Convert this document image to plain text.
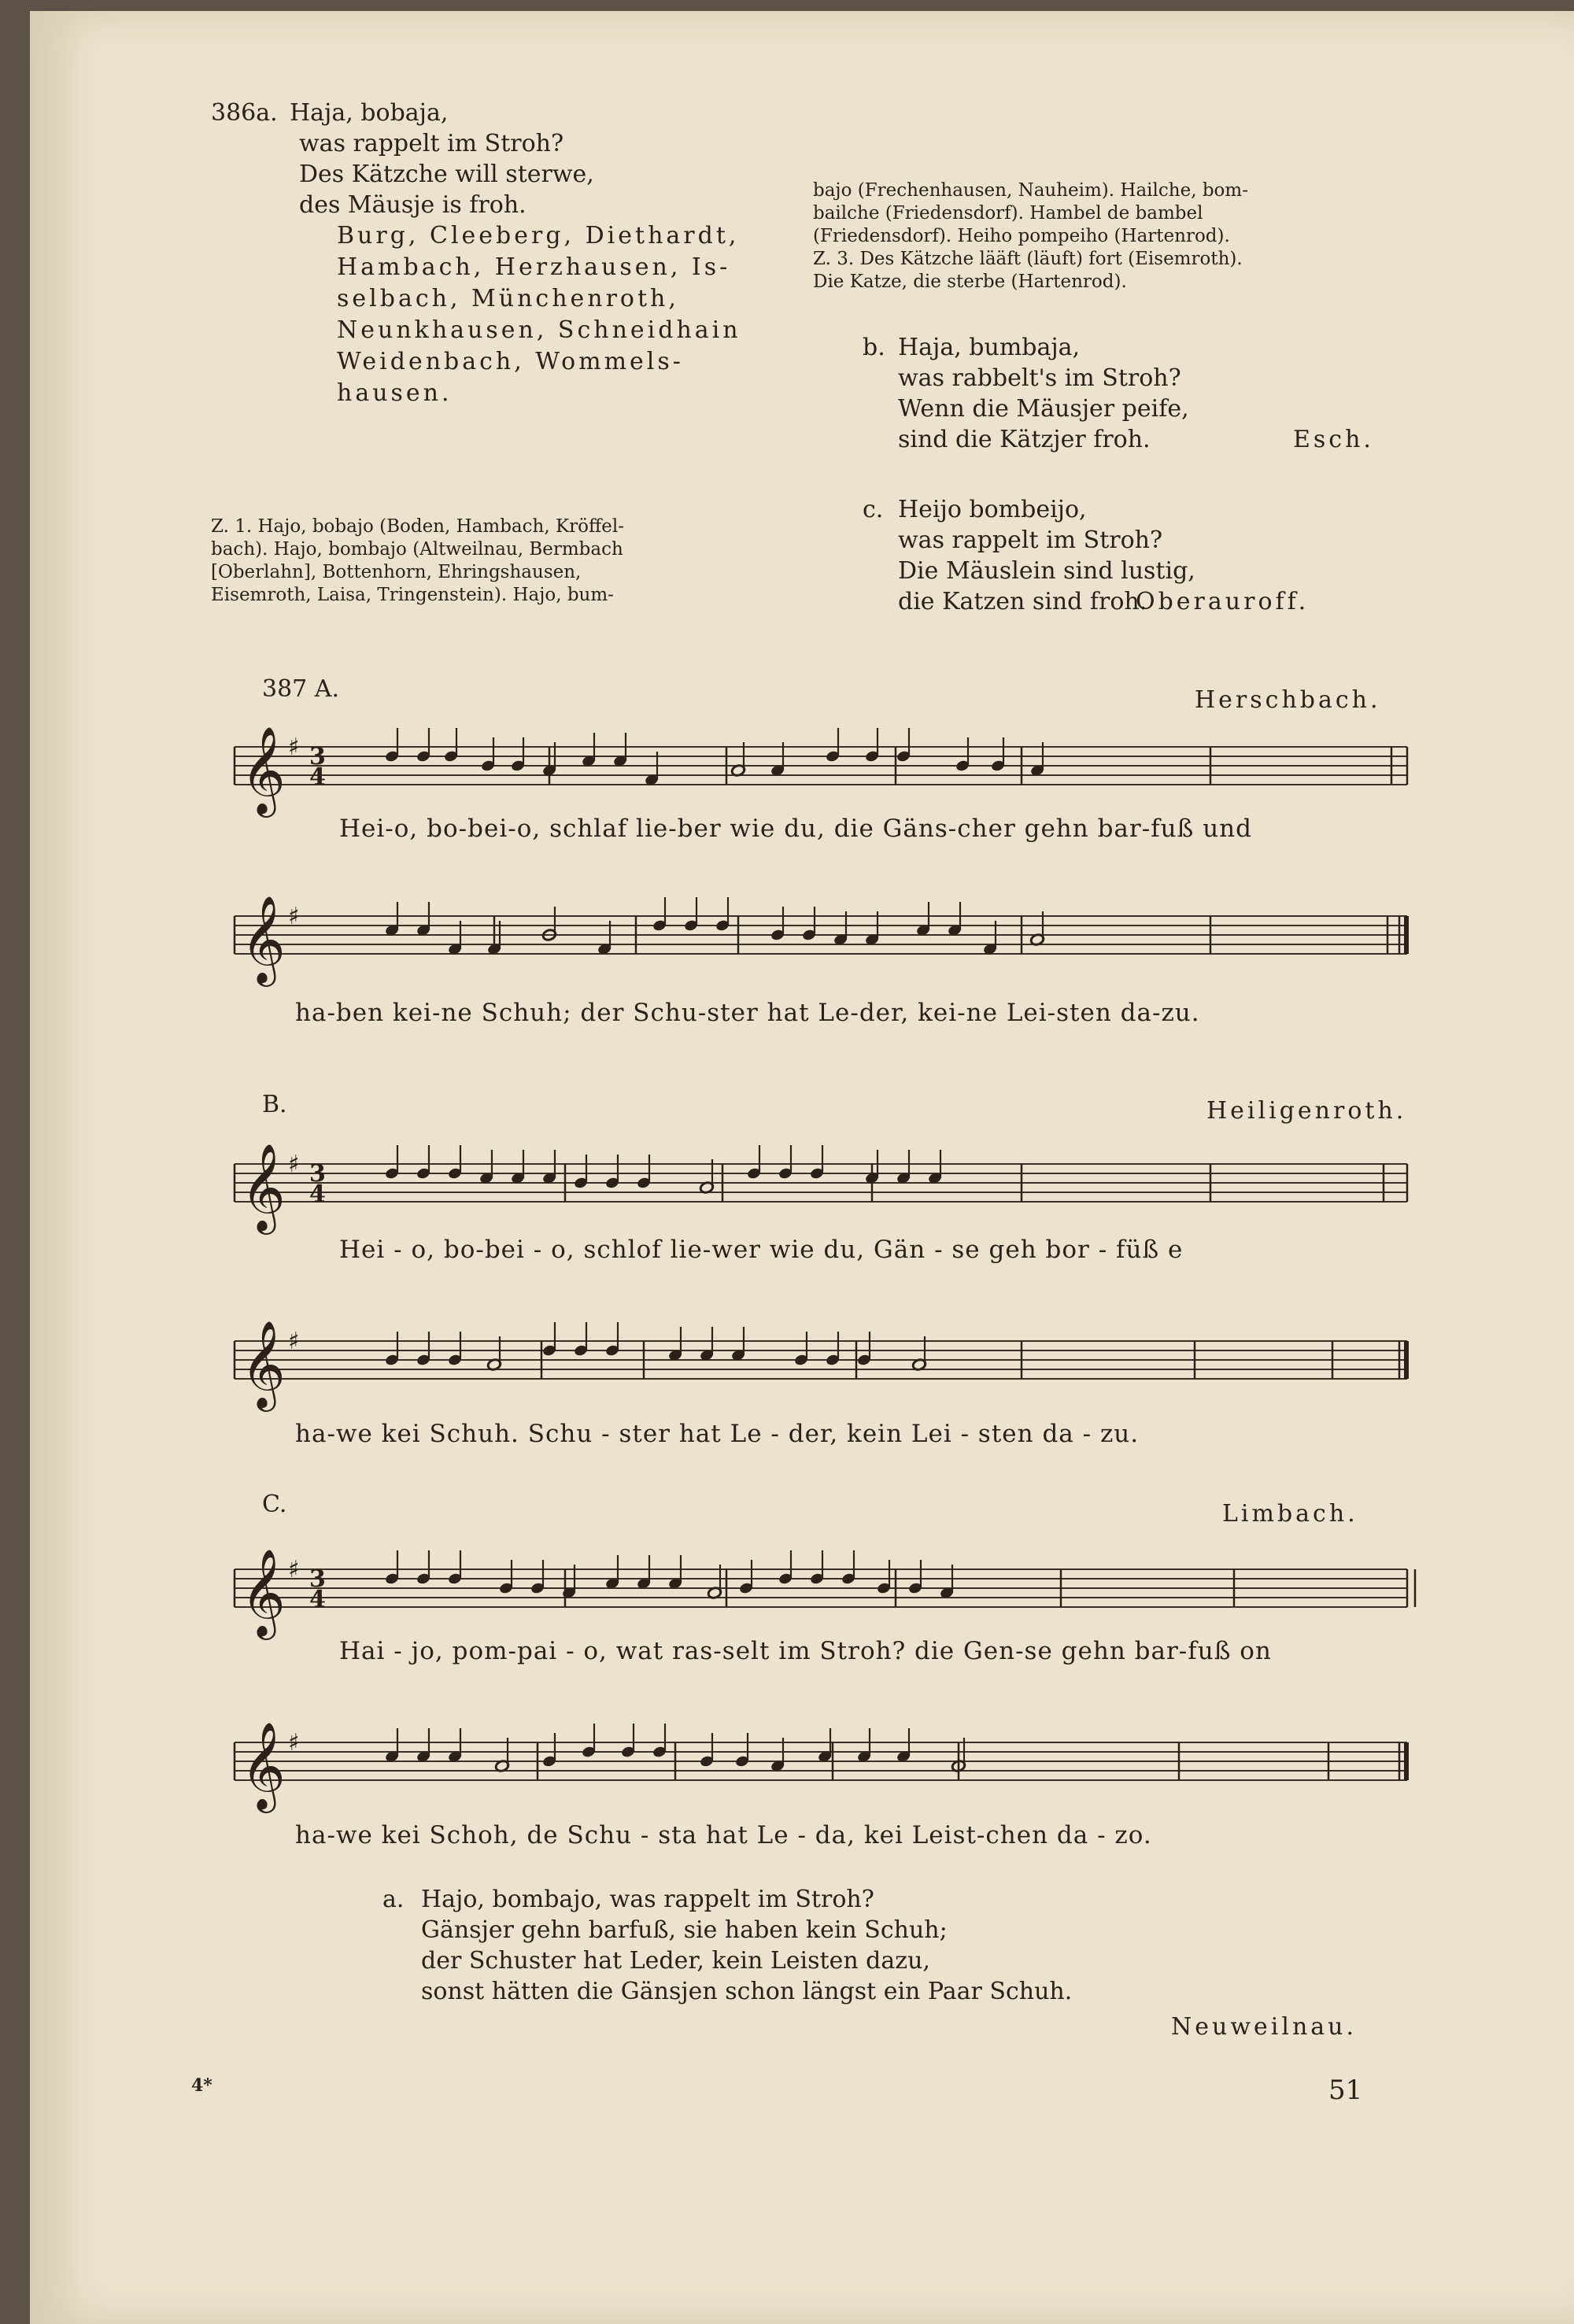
386a. Haja, bobaja,
was rappelt im Stroh?
Des Kätzche will sterwe,
des Mäusje is froh.
Burg, Cleeberg, Diethardt,
Hambach, Herzhausen, Is-
selbach, Münchenroth,
Neunkhausen, Schneidhain
Weidenbach, Wommels-
hausen.
Z. 1. Hajo, bobajo (Boden, Hambach, Kröffel-
bach). Hajo, bombajo (Altweilnau, Bermbach
[Oberlahn], Bottenhorn, Ehringshausen,
Eisemroth, Laisa, Tringenstein). Hajo, bum-
bajo (Frechenhausen, Nauheim). Hailche, bom-
bailche (Friedensdorf). Hambel de bambel
(Friedensdorf). Heiho pompeiho (Hartenrod).
Z. 3. Des Kätzche lääft (läuft) fort (Eisemroth).
Die Katze, die sterbe (Hartenrod).
b. Haja, bumbaja,
was rabbelt's im Stroh?
Wenn die Mäusjer peife,
sind die Kätzjer froh.	Esch.
c. Heijo bombeijo,
was rappelt im Stroh?
Die Mäuslein sind lustig,
die Katzen sind froh.
Oberauroff.
387 A.	Herschbach.
𝄞 ♯ 3
4
Hei-o, bo-bei-o, schlaf lie-ber wie du, die Gäns-cher gehn bar-fuß und
𝄞 ♯
ha-ben kei-ne Schuh; der Schu-ster hat Le-der, kei-ne Lei-sten da-zu.
B.	Heiligenroth.
𝄞 ♯ 3
4
Hei - o, bo-bei - o, schlof lie-wer wie du, Gän - se geh bor - füß e
𝄞 ♯
ha-we kei Schuh. Schu - ster hat Le - der, kein Lei - sten da - zu.
C.	Limbach.
𝄞 ♯ 3
4
Hai - jo, pom-pai - o, wat ras-selt im Stroh? die Gen-se gehn bar-fuß on
𝄞 ♯
ha-we kei Schoh, de Schu - sta hat Le - da, kei Leist-chen da - zo.
a. Hajo, bombajo, was rappelt im Stroh?
Gänsjer gehn barfuß, sie haben kein Schuh;
der Schuster hat Leder, kein Leisten dazu,
sonst hätten die Gänsjen schon längst ein Paar Schuh.
Neuweilnau.
4*	51
